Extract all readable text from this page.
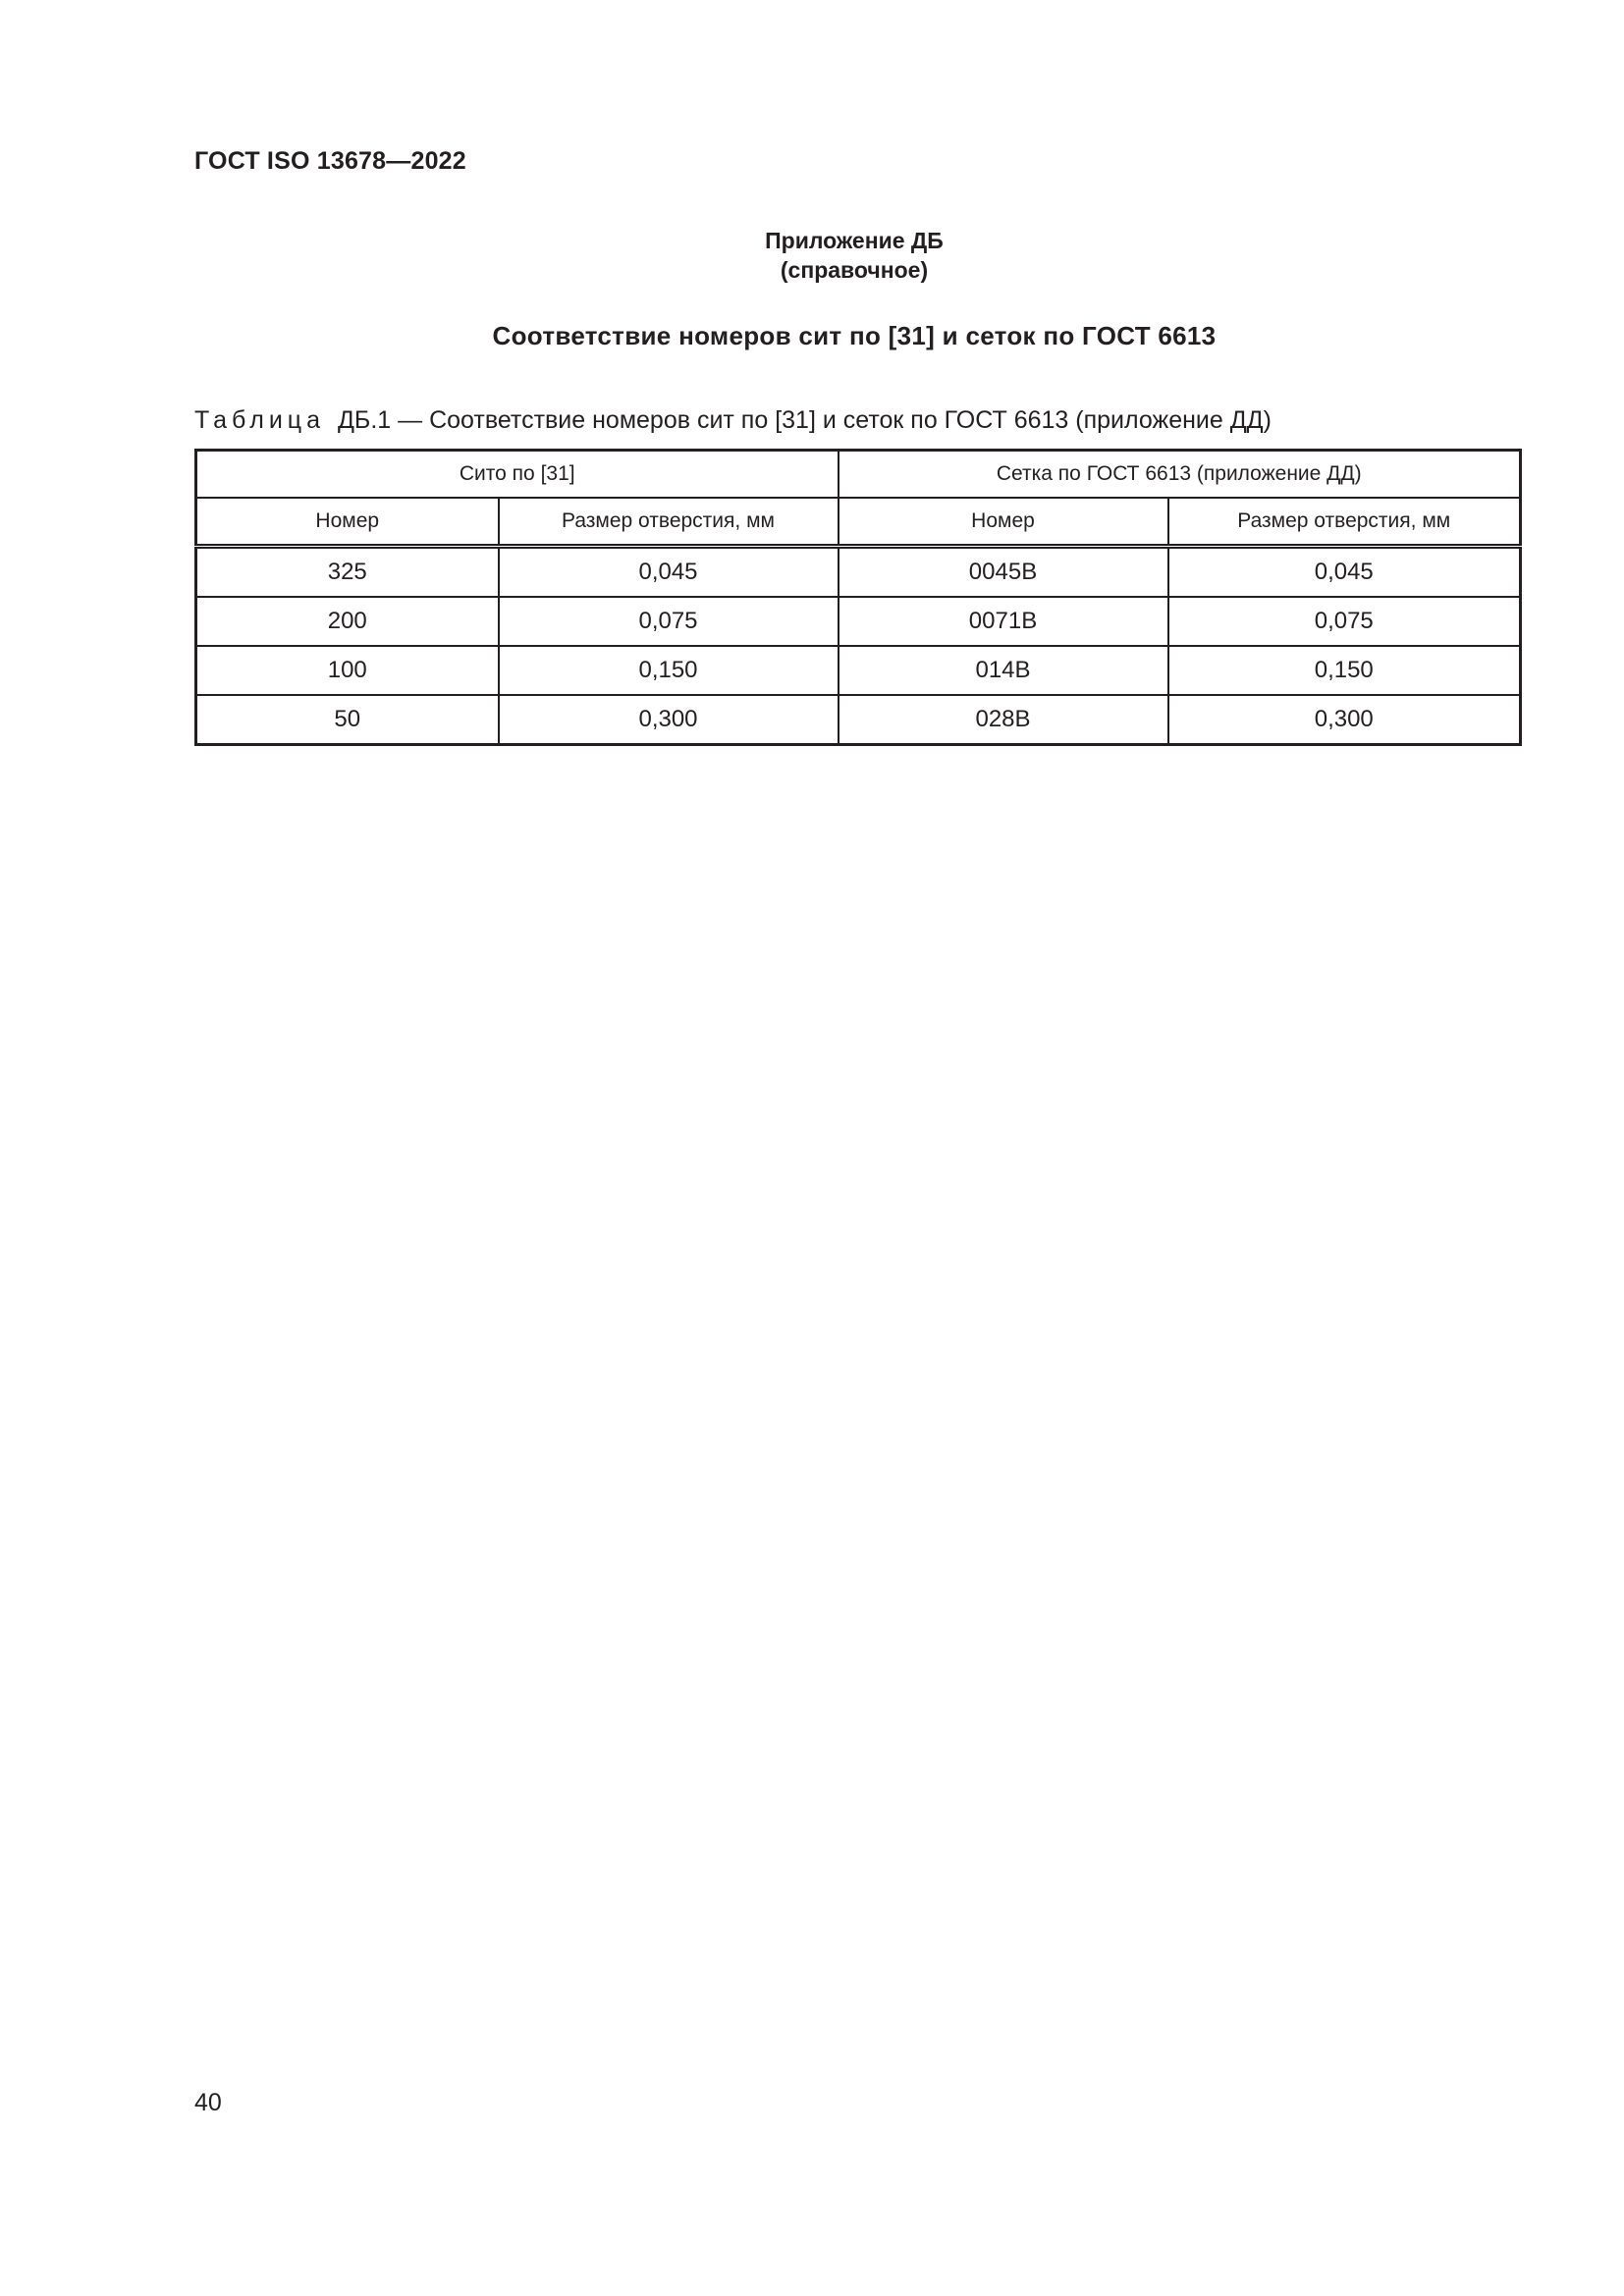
ГОСТ ISO 13678—2022
Приложение ДБ
(справочное)
Соответствие номеров сит по [31] и сеток по ГОСТ 6613
Таблица ДБ.1 — Соответствие номеров сит по [31] и сеток по ГОСТ 6613 (приложение ДД)
Сито по [31]		Сетка по ГОСТ 6613 (приложение ДД)	
Номер	Размер отверстия, мм	Номер	Размер отверстия, мм
325	0,045	0045В	0,045
200	0,075	0071В	0,075
100	0,150	014В	0,150
50	0,300	028В	0,300
40
